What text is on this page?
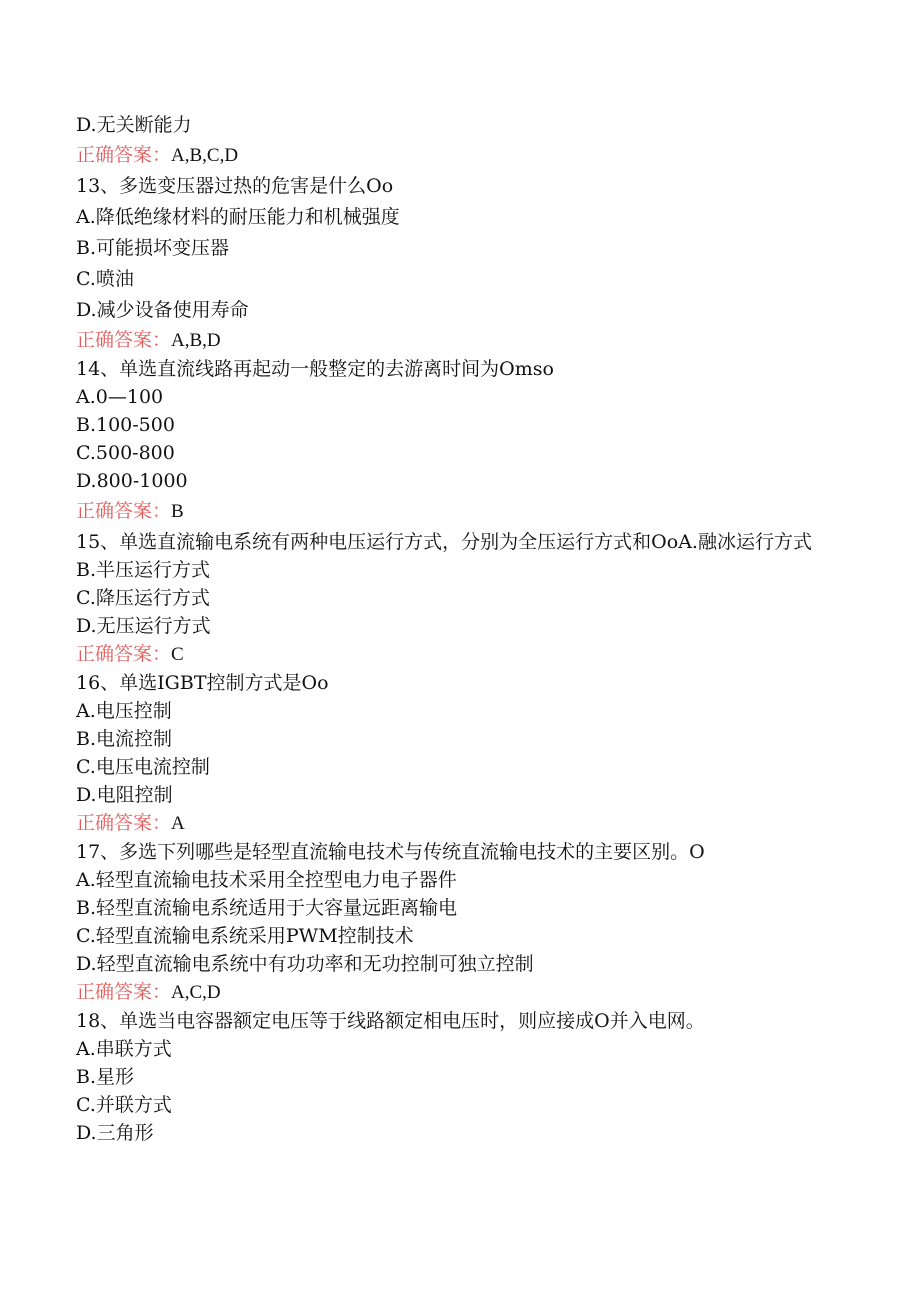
D.无关断能力
正确答案：A,B,C,D
13、多选变压器过热的危害是什么Oo
A.降低绝缘材料的耐压能力和机械强度
B.可能损坏变压器
C.喷油
D.减少设备使用寿命
正确答案：A,B,D
14、单选直流线路再起动一般整定的去游离时间为Omso
A.0—100
B.100-500
C.500-800
D.800-1000
正确答案：B
15、单选直流输电系统有两种电压运行方式，分别为全压运行方式和OoA.融冰运行方式
B.半压运行方式
C.降压运行方式
D.无压运行方式
正确答案：C
16、单选IGBT控制方式是Oo
A.电压控制
B.电流控制
C.电压电流控制
D.电阻控制
正确答案：A
17、多选下列哪些是轻型直流输电技术与传统直流输电技术的主要区别。O
A.轻型直流输电技术采用全控型电力电子器件
B.轻型直流输电系统适用于大容量远距离输电
C.轻型直流输电系统采用PWM控制技术
D.轻型直流输电系统中有功功率和无功控制可独立控制
正确答案：A,C,D
18、单选当电容器额定电压等于线路额定相电压时，则应接成O并入电网。
A.串联方式
B.星形
C.并联方式
D.三角形
